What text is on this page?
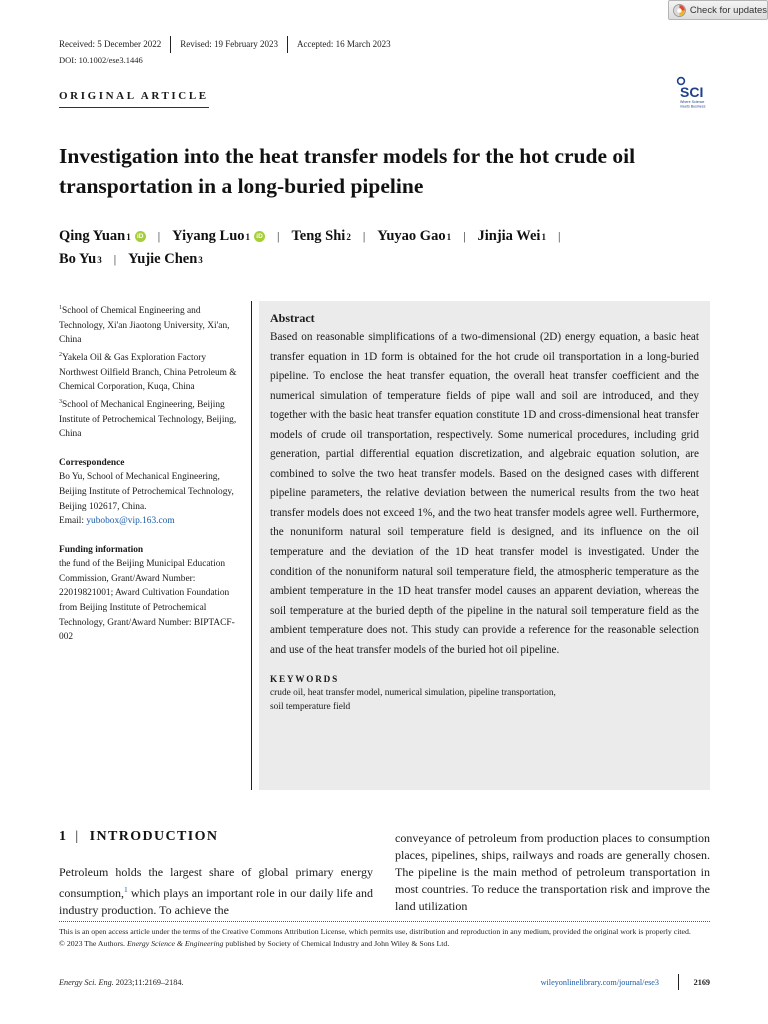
Check for updates
Received: 5 December 2022	Revised: 19 February 2023	Accepted: 16 March 2023
DOI: 10.1002/ese3.1446
ORIGINAL ARTICLE	SCI
Where Science
meets Business
Investigation into the heat transfer models for the hot crude oil transportation in a long-buried pipeline
Qing Yuan 1 iD | Yiyang Luo 1 iD | Teng Shi 2 | Yuyao Gao 1 | Jinjia Wei 1 |
Bo Yu 3 | Yujie Chen 3
$^1$School of Chemical Engineering and Technology, Xi'an Jiaotong University, Xi'an, China
$^2$Yakela Oil & Gas Exploration Factory Northwest Oilfield Branch, China Petroleum & Chemical Corporation, Kuqa, China
$^3$School of Mechanical Engineering, Beijing Institute of Petrochemical Technology, Beijing, China
Correspondence
Bo Yu, School of Mechanical Engineering, Beijing Institute of Petrochemical Technology, Beijing 102617, China.
Email: yubobox@vip.163.com
Funding information
the fund of the Beijing Municipal Education Commission, Grant/Award Number: 22019821001; Award Cultivation Foundation from Beijing Institute of Petrochemical Technology, Grant/Award Number: BIPTACF-002
Abstract

Based on reasonable simplifications of a two-dimensional (2D) energy equation, a basic heat transfer equation in 1D form is obtained for the hot crude oil transportation in a long-buried pipeline. To enclose the heat transfer equation, the overall heat transfer coefficient and the numerical simulation of temperature fields of pipe wall and soil are introduced, and they together with the basic heat transfer equation constitute 1D and cross-dimensional heat transfer models of crude oil transportation, respectively. Some numerical procedures, including grid generation, partial differential equation discretization, and algebraic equation solution, are combined to solve the two heat transfer models. Based on the designed cases with different pipeline parameters, the relative deviation between the numerical results from the two heat transfer models does not exceed 1%, and the two heat transfer models agree well. Furthermore, the nonuniform natural soil temperature field is designed, and its influence on the oil temperature and the deviation of the 1D heat transfer model is investigated. Under the condition of the nonuniform natural soil temperature field, the atmospheric temperature as the ambient temperature in the 1D heat transfer model causes an apparent deviation, whereas the soil temperature at the buried depth of the pipeline in the natural soil temperature field as the ambient temperature does not. This study can provide a reference for the reasonable selection and use of the heat transfer models of the buried hot oil pipeline.

KEYWORDS
crude oil, heat transfer model, numerical simulation, pipeline transportation,
soil temperature field
1 | INTRODUCTION

Petroleum holds the largest share of global primary energy consumption,$^1$ which plays an important role in our daily life and industry production. To achieve the

conveyance of petroleum from production places to consumption places, pipelines, ships, railways and roads are generally chosen. The pipeline is the main method of petroleum transportation in most countries. To reduce the transportation risk and improve the land utilization

This is an open access article under the terms of the Creative Commons Attribution License, which permits use, distribution and reproduction in any medium, provided the original work is properly cited.
© 2023 The Authors. Energy Science & Engineering published by Society of Chemical Industry and John Wiley & Sons Ltd.
Energy Sci. Eng. 2023;11:2169–2184.	wileyonlinelibrary.com/journal/ese3	2169
